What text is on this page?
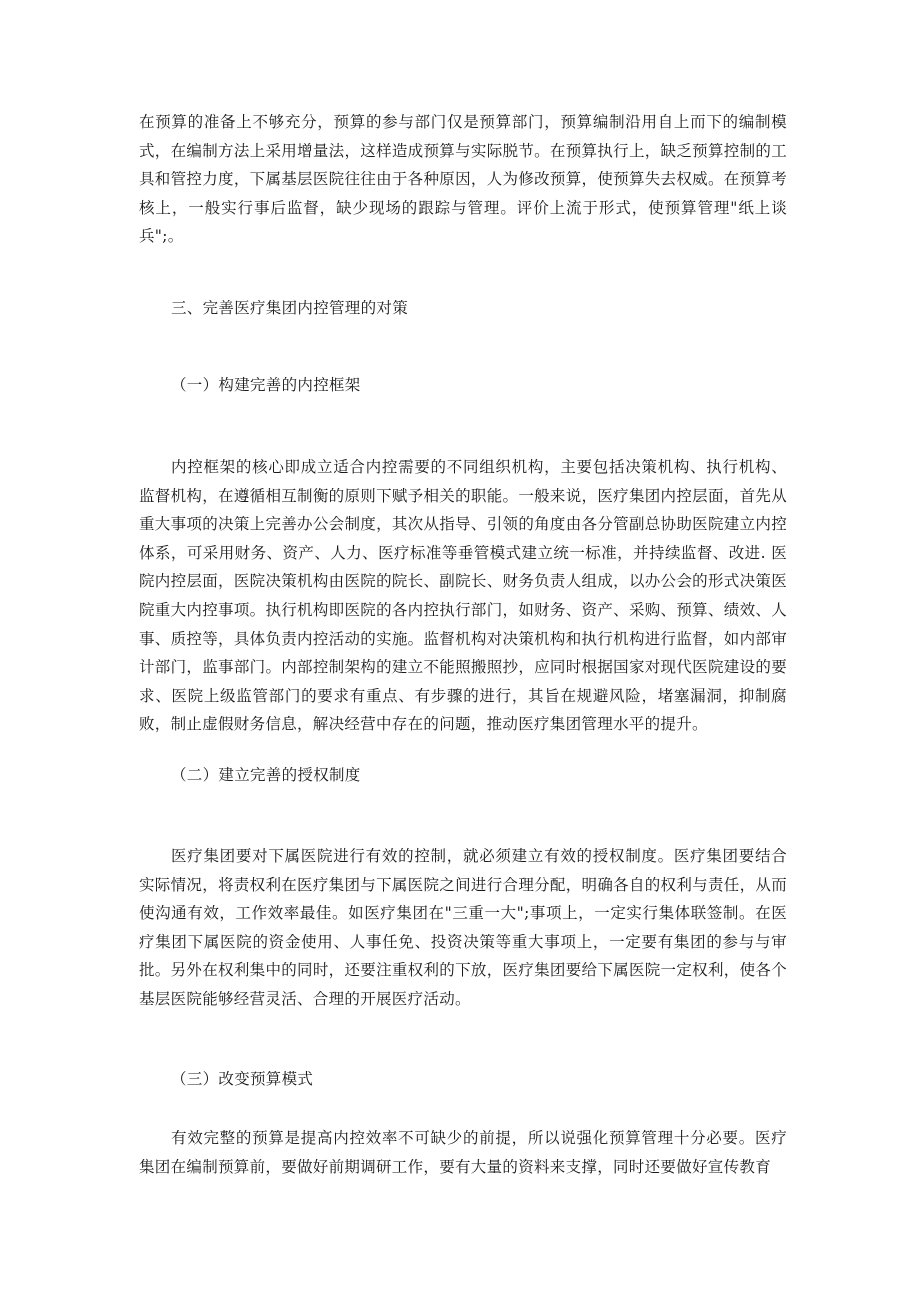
在预算的准备上不够充分，预算的参与部门仅是预算部门，预算编制沿用自上而下的编制模式，在编制方法上采用增量法，这样造成预算与实际脱节。在预算执行上，缺乏预算控制的工具和管控力度，下属基层医院往往由于各种原因，人为修改预算，使预算失去权威。在预算考核上，一般实行事后监督，缺少现场的跟踪与管理。评价上流于形式，使预算管理"纸上谈兵";。

三、完善医疗集团内控管理的对策
（一）构建完善的内控框架

内控框架的核心即成立适合内控需要的不同组织机构，主要包括决策机构、执行机构、监督机构，在遵循相互制衡的原则下赋予相关的职能。一般来说，医疗集团内控层面，首先从重大事项的决策上完善办公会制度，其次从指导、引领的角度由各分管副总协助医院建立内控体系，可采用财务、资产、人力、医疗标准等垂管模式建立统一标准，并持续监督、改进. 医院内控层面，医院决策机构由医院的院长、副院长、财务负责人组成，以办公会的形式决策医院重大内控事项。执行机构即医院的各内控执行部门，如财务、资产、采购、预算、绩效、人事、质控等，具体负责内控活动的实施。监督机构对决策机构和执行机构进行监督，如内部审计部门，监事部门。内部控制架构的建立不能照搬照抄，应同时根据国家对现代医院建设的要求、医院上级监管部门的要求有重点、有步骤的进行，其旨在规避风险，堵塞漏洞，抑制腐败，制止虚假财务信息，解决经营中存在的问题，推动医疗集团管理水平的提升。

（二）建立完善的授权制度

医疗集团要对下属医院进行有效的控制，就必须建立有效的授权制度。医疗集团要结合实际情况，将责权利在医疗集团与下属医院之间进行合理分配，明确各自的权利与责任，从而使沟通有效，工作效率最佳。如医疗集团在"三重一大";事项上，一定实行集体联签制。在医疗集团下属医院的资金使用、人事任免、投资决策等重大事项上，一定要有集团的参与与审批。另外在权利集中的同时，还要注重权利的下放，医疗集团要给下属医院一定权利，使各个基层医院能够经营灵活、合理的开展医疗活动。

（三）改变预算模式

有效完整的预算是提高内控效率不可缺少的前提，所以说强化预算管理十分必要。医疗集团在编制预算前，要做好前期调研工作，要有大量的资料来支撑，同时还要做好宣传教育
